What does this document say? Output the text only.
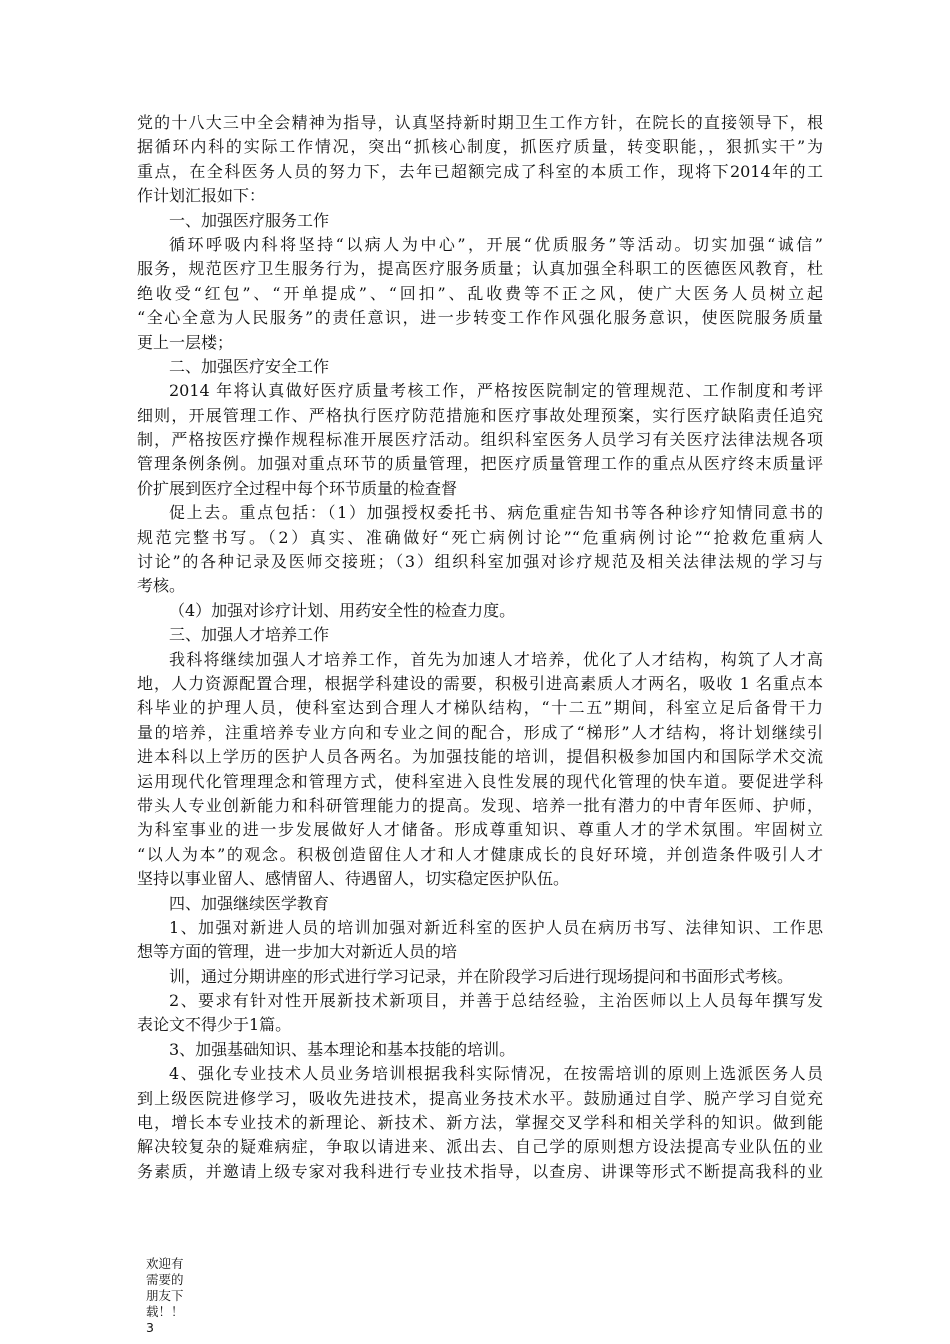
党的十八大三中全会精神为指导，认真坚持新时期卫生工作方针，在院长的直接领导下，根
据循环内科的实际工作情况，突出“抓核心制度，抓医疗质量，转变职能，，狠抓实干”为
重点，在全科医务人员的努力下，去年已超额完成了科室的本质工作，现将下2014年的工
作计划汇报如下：
一、加强医疗服务工作
循环呼吸内科将坚持“以病人为中心”，开展“优质服务”等活动。切实加强“诚信”
服务，规范医疗卫生服务行为，提高医疗服务质量；认真加强全科职工的医德医风教育，杜
绝收受“红包”、“开单提成”、“回扣”、乱收费等不正之风，使广大医务人员树立起
“全心全意为人民服务”的责任意识，进一步转变工作作风强化服务意识，使医院服务质量
更上一层楼；
二、加强医疗安全工作
2014 年将认真做好医疗质量考核工作，严格按医院制定的管理规范、工作制度和考评
细则，开展管理工作、严格执行医疗防范措施和医疗事故处理预案，实行医疗缺陷责任追究
制，严格按医疗操作规程标准开展医疗活动。组织科室医务人员学习有关医疗法律法规各项
管理条例条例。加强对重点环节的质量管理，把医疗质量管理工作的重点从医疗终末质量评
价扩展到医疗全过程中每个环节质量的检查督
促上去。重点包括：（1）加强授权委托书、病危重症告知书等各种诊疗知情同意书的
规范完整书写。（2）真实、准确做好“死亡病例讨论”“危重病例讨论”“抢救危重病人
讨论”的各种记录及医师交接班；（3）组织科室加强对诊疗规范及相关法律法规的学习与
考核。
（4）加强对诊疗计划、用药安全性的检查力度。
三、加强人才培养工作
我科将继续加强人才培养工作，首先为加速人才培养，优化了人才结构，构筑了人才高
地，人力资源配置合理，根据学科建设的需要，积极引进高素质人才两名，吸收 1 名重点本
科毕业的护理人员，使科室达到合理人才梯队结构，“十二五”期间，科室立足后备骨干力
量的培养，注重培养专业方向和专业之间的配合，形成了“梯形”人才结构，将计划继续引
进本科以上学历的医护人员各两名。为加强技能的培训，提倡积极参加国内和国际学术交流
运用现代化管理理念和管理方式，使科室进入良性发展的现代化管理的快车道。要促进学科
带头人专业创新能力和科研管理能力的提高。发现、培养一批有潜力的中青年医师、护师，
为科室事业的进一步发展做好人才储备。形成尊重知识、尊重人才的学术氛围。牢固树立
“以人为本”的观念。积极创造留住人才和人才健康成长的良好环境，并创造条件吸引人才
坚持以事业留人、感情留人、待遇留人，切实稳定医护队伍。
四、加强继续医学教育
1、加强对新进人员的培训加强对新近科室的医护人员在病历书写、法律知识、工作思
想等方面的管理，进一步加大对新近人员的培
训，通过分期讲座的形式进行学习记录，并在阶段学习后进行现场提问和书面形式考核。
2、要求有针对性开展新技术新项目，并善于总结经验，主治医师以上人员每年撰写发
表论文不得少于1篇。
3、加强基础知识、基本理论和基本技能的培训。
4、强化专业技术人员业务培训根据我科实际情况，在按需培训的原则上选派医务人员
到上级医院进修学习，吸收先进技术，提高业务技术水平。鼓励通过自学、脱产学习自觉充
电，增长本专业技术的新理论、新技术、新方法，掌握交叉学科和相关学科的知识。做到能
解决较复杂的疑难病症，争取以请进来、派出去、自己学的原则想方设法提高专业队伍的业
务素质，并邀请上级专家对我科进行专业技术指导，以查房、讲课等形式不断提高我科的业
欢迎有
需要的
朋友下
载！！
3
